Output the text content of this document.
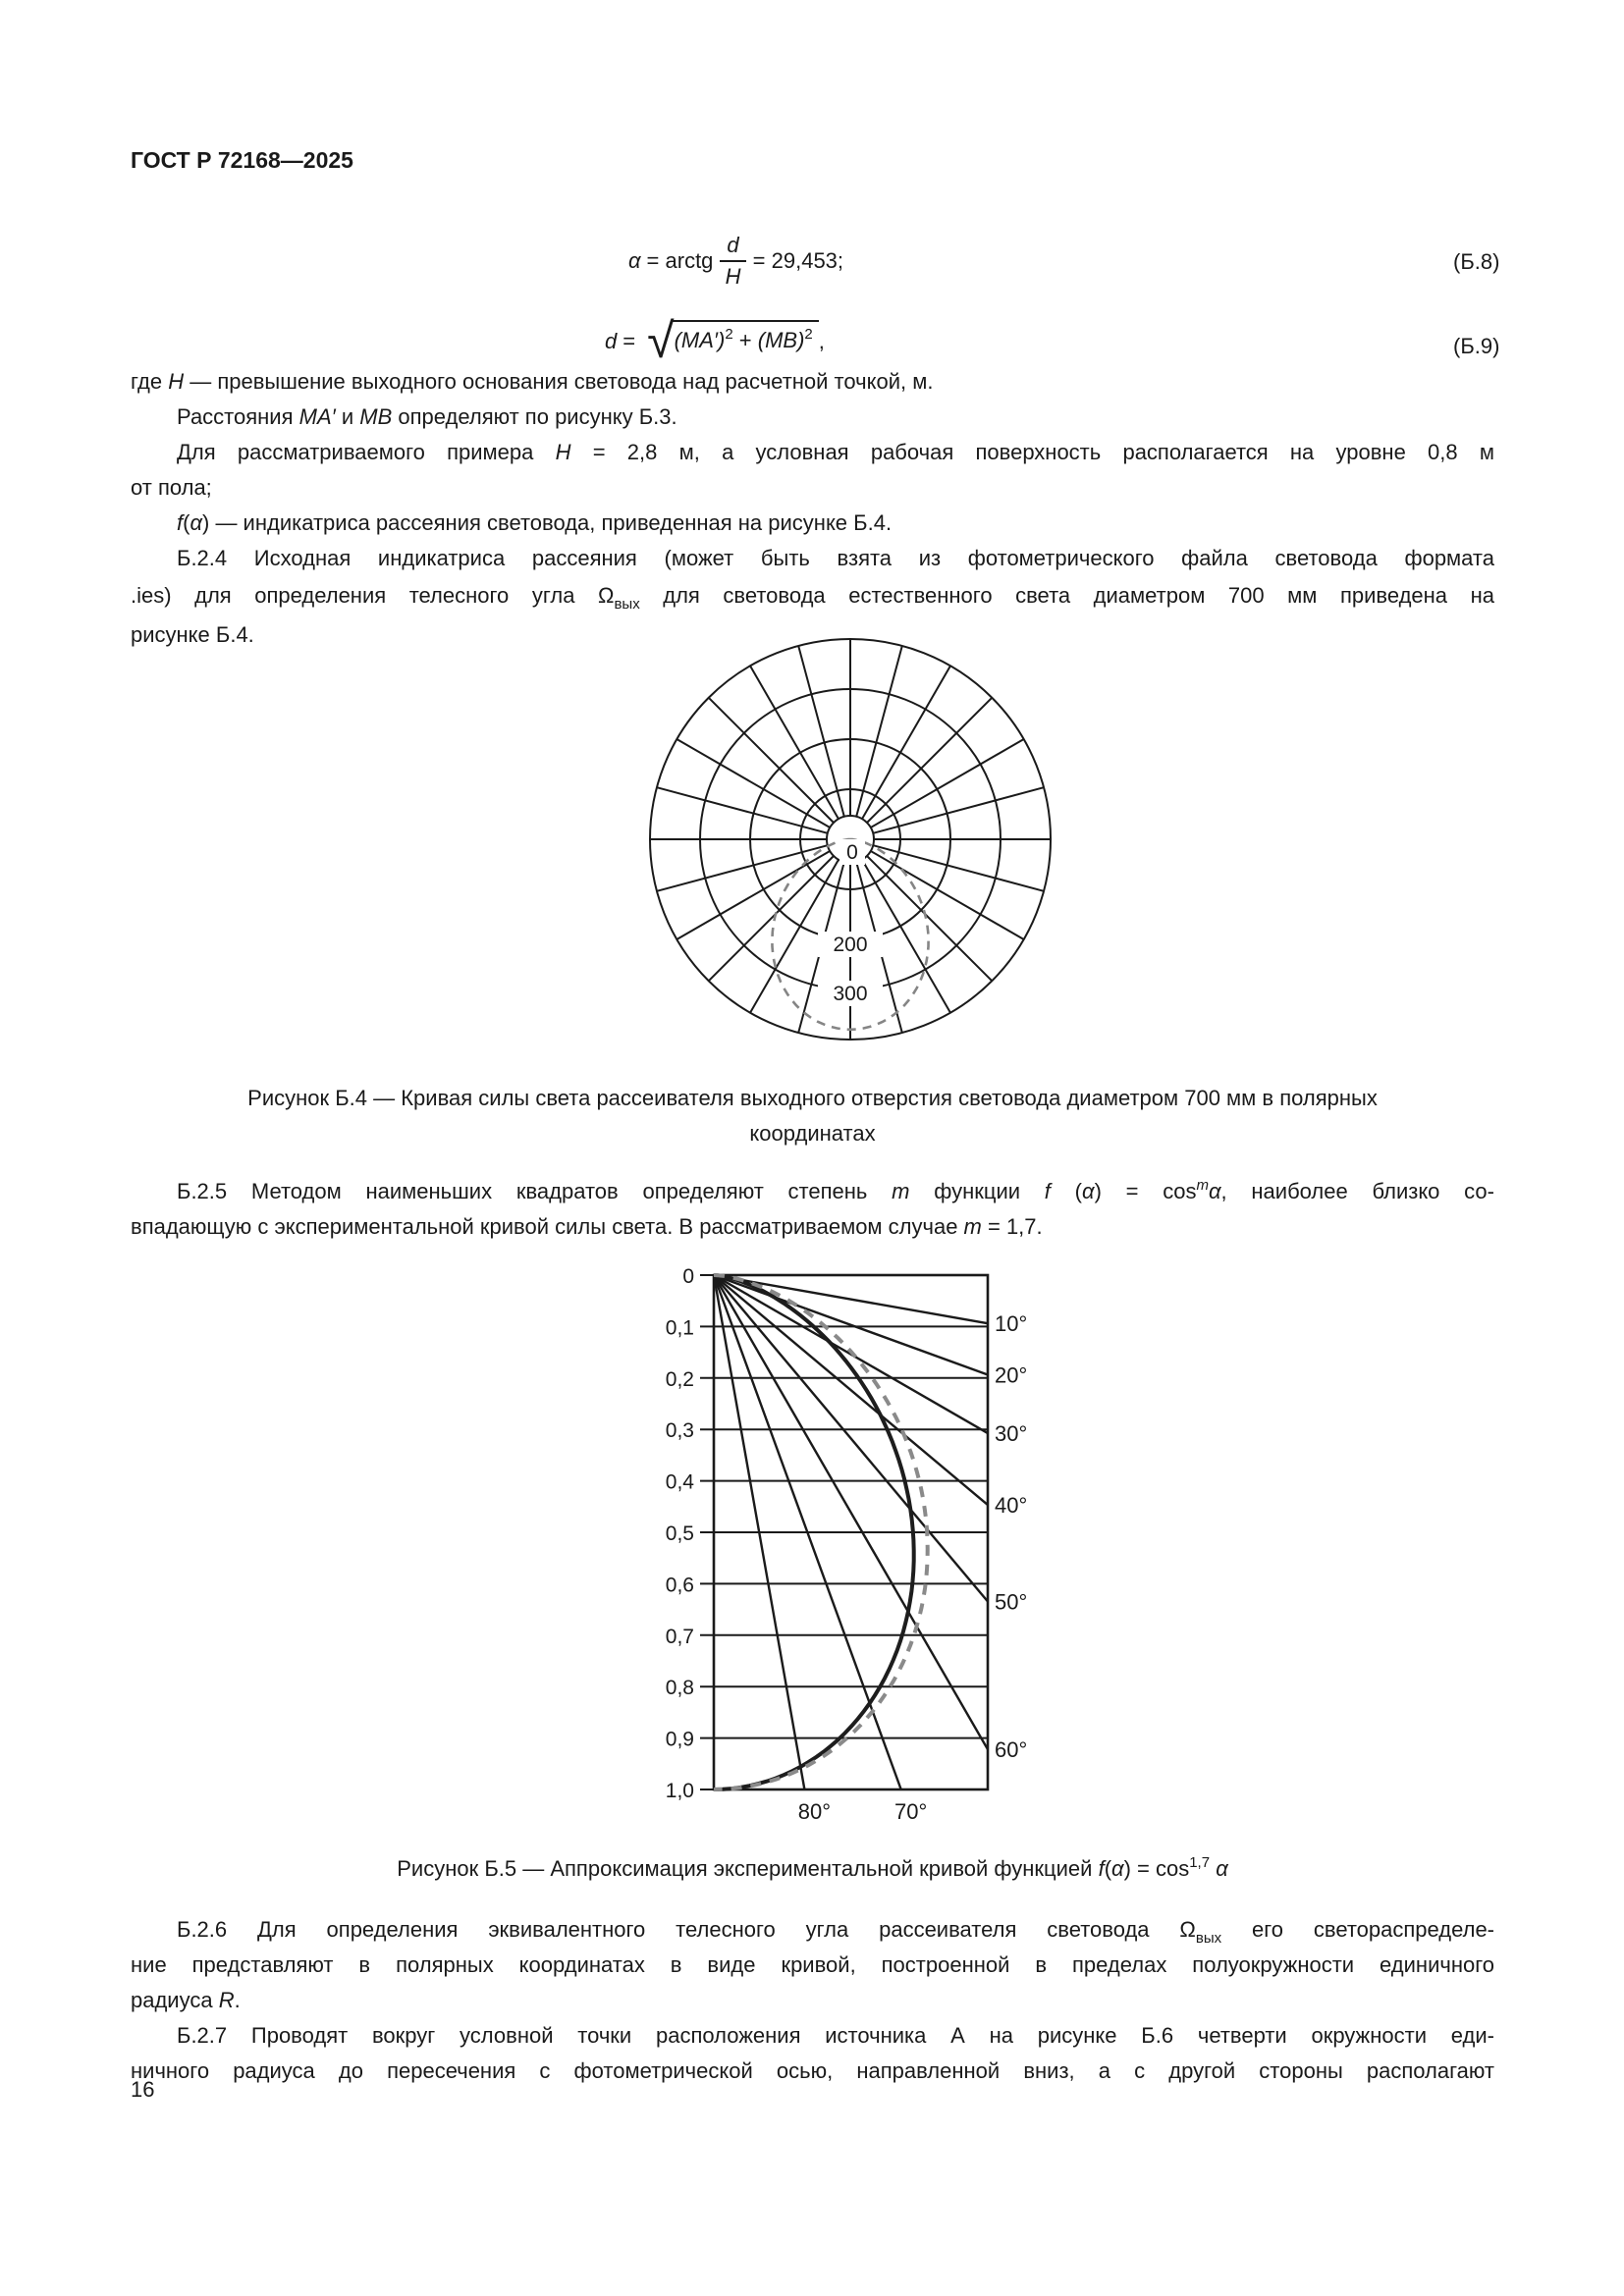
ГОСТ Р 72168—2025
α = arctg $\frac{d}{H} = 29,453$;	(Б.8)
d = √ $(MA')^2 + (MB)^2$ ,	(Б.9)
где H — превышение выходного основания световода над расчетной точкой, м.
Расстояния MA′ и MB определяют по рисунку Б.3.
Для рассматриваемого примера H = 2,8 м, а условная рабочая поверхность располагается на уровне 0,8 м
от пола;
f(α) — индикатриса рассеяния световода, приведенная на рисунке Б.4.
Б.2.4 Исходная индикатриса рассеяния (может быть взята из фотометрического файла световода формата
.ies) для определения телесного угла $\Omega_{вых}$ для световода естественного света диаметром 700 мм приведена на
рисунке Б.4.
0
200
300
Рисунок Б.4 — Кривая силы света рассеивателя выходного отверстия световода диаметром 700 мм в полярных
координатах
Б.2.5 Методом наименьших квадратов определяют степень m функции f $(\alpha) = \cos^m\alpha$, наиболее близко со-
впадающую с экспериментальной кривой силы света. В рассматриваемом случае m = 1,7.
0
0,1
0,2
0,3
0,4
0,5
0,6
0,7
0,8
0,9
1,0
10°
20°
30°
40°
50°
60°
80°	70°
Рисунок Б.5 — Аппроксимация экспериментальной кривой функцией $f(\alpha) = \cos^{1,7} \alpha$
Б.2.6 Для определения эквивалентного телесного угла рассеивателя световода $\Omega_{вых}$ его светораспределе-
ние представляют в полярных координатах в виде кривой, построенной в пределах полуокружности единичного
радиуса R.
Б.2.7 Проводят вокруг условной точки расположения источника А на рисунке Б.6 четверти окружности еди-
ничного радиуса до пересечения с фотометрической осью, направленной вниз, а с другой стороны располагают
16
